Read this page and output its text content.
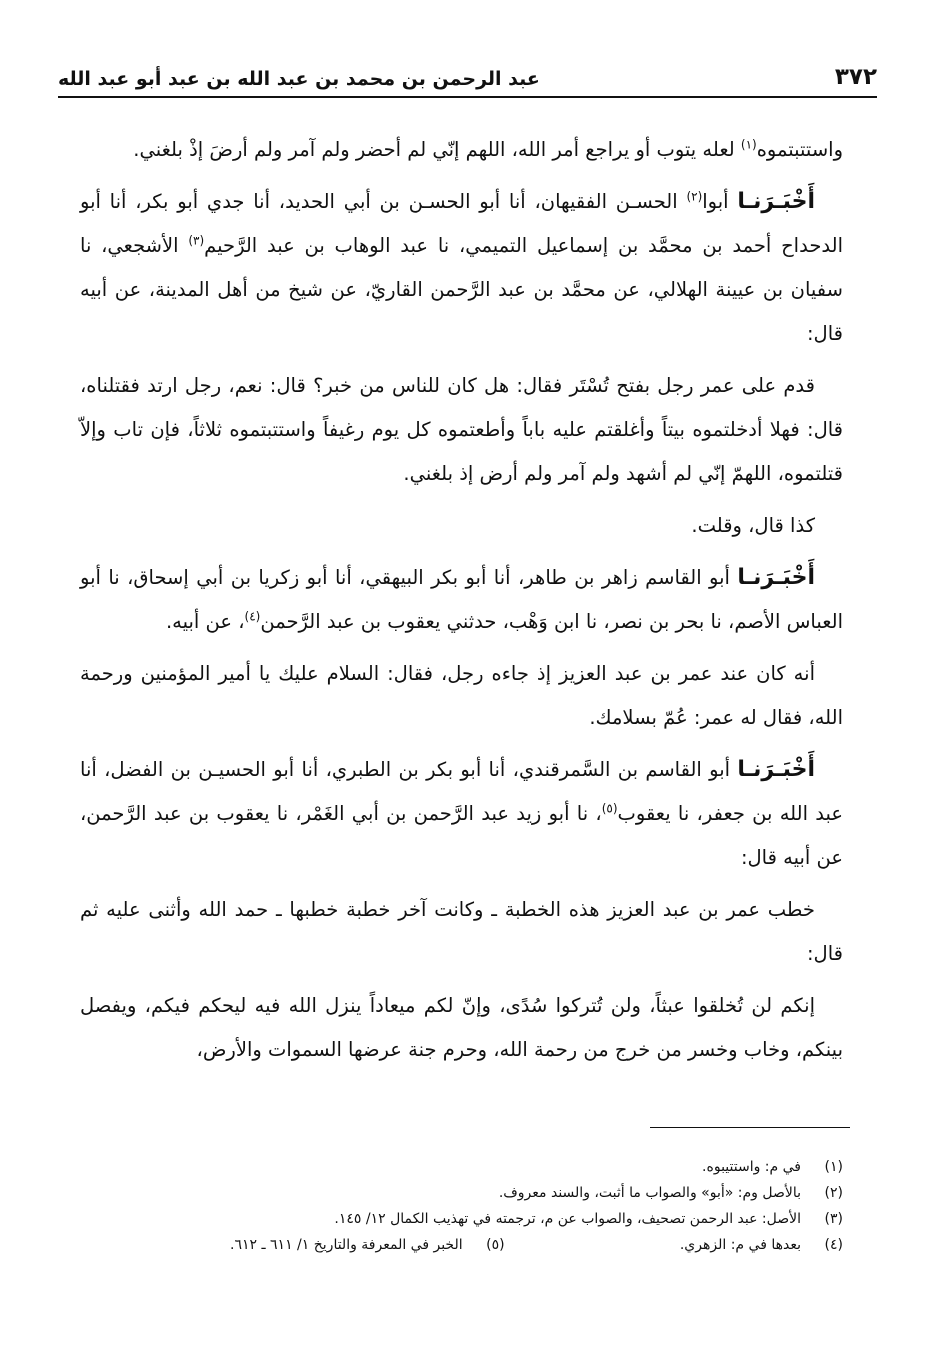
٣٧٢
عبد الرحمن بن محمد بن عبد الله بن عبد أبو عبد الله

واستتبتموه$^{(١)}$ لعله يتوب أو يراجع أمر الله، اللهم إنّي لم أحضر ولم آمر ولم أرضَ إذْ بلغني.

أَخْبَـرَنـا أبوا$^{(٢)}$ الحسـن الفقيهان، أنا أبو الحسـن بن أبي الحديد، أنا جدي أبو بكر، أنا أبو الدحداح أحمد بن محمَّد بن إسماعيل التميمي، نا عبد الوهاب بن عبد الرَّحيم$^{(٣)}$ الأشجعي، نا سفيان بن عيينة الهلالي، عن محمَّد بن عبد الرَّحمن القاريّ، عن شيخ من أهل المدينة، عن أبيه قال:

قدم على عمر رجل بفتح تُسْتَر فقال: هل كان للناس من خبر؟ قال: نعم، رجل ارتد فقتلناه، قال: فهلا أدخلتموه بيتاً وأغلقتم عليه باباً وأطعتموه كل يوم رغيفاً واستتبتموه ثلاثاً، فإن تاب وإلاّ قتلتموه، اللهمّ إنّي لم أشهد ولم آمر ولم أرض إذ بلغني.

كذا قال، وقلت.

أَخْبَـرَنـا أبو القاسم زاهر بن طاهر، أنا أبو بكر البيهقي، أنا أبو زكريا بن أبي إسحاق، نا أبو العباس الأصم، نا بحر بن نصر، نا ابن وَهْب، حدثني يعقوب بن عبد الرَّحمن$^{(٤)}$، عن أبيه.

أنه كان عند عمر بن عبد العزيز إذ جاءه رجل، فقال: السلام عليك يا أمير المؤمنين ورحمة الله، فقال له عمر: عُمّ بسلامك.

أَخْبَـرَنـا أبو القاسم بن السَّمرقندي، أنا أبو بكر بن الطبري، أنا أبو الحسيـن بن الفضل، أنا عبد الله بن جعفر، نا يعقوب$^{(٥)}$، نا أبو زيد عبد الرَّحمن بن أبي الغَمْر، نا يعقوب بن عبد الرَّحمن، عن أبيه قال:

خطب عمر بن عبد العزيز هذه الخطبة ـ وكانت آخر خطبة خطبها ـ حمد الله وأثنى عليه ثم قال:

إنكم لن تُخلقوا عبثاً، ولن تُتركوا سُدًى، وإنّ لكم ميعاداً ينزل الله فيه ليحكم فيكم، ويفصل بينكم، وخاب وخسر من خرج من رحمة الله، وحرم جنة عرضها السموات والأرض،

(١)
في م: واستتيبوه.
(٢)
بالأصل وم: «أبو» والصواب ما أثبت، والسند معروف.
(٣)
الأصل: عبد الرحمن تصحيف، والصواب عن م، ترجمته في تهذيب الكمال ١٢/ ١٤٥.
(٤)
بعدها في م: الزهري.
(٥)
الخبر في المعرفة والتاريخ ١/ ٦١١ ـ ٦١٢.
